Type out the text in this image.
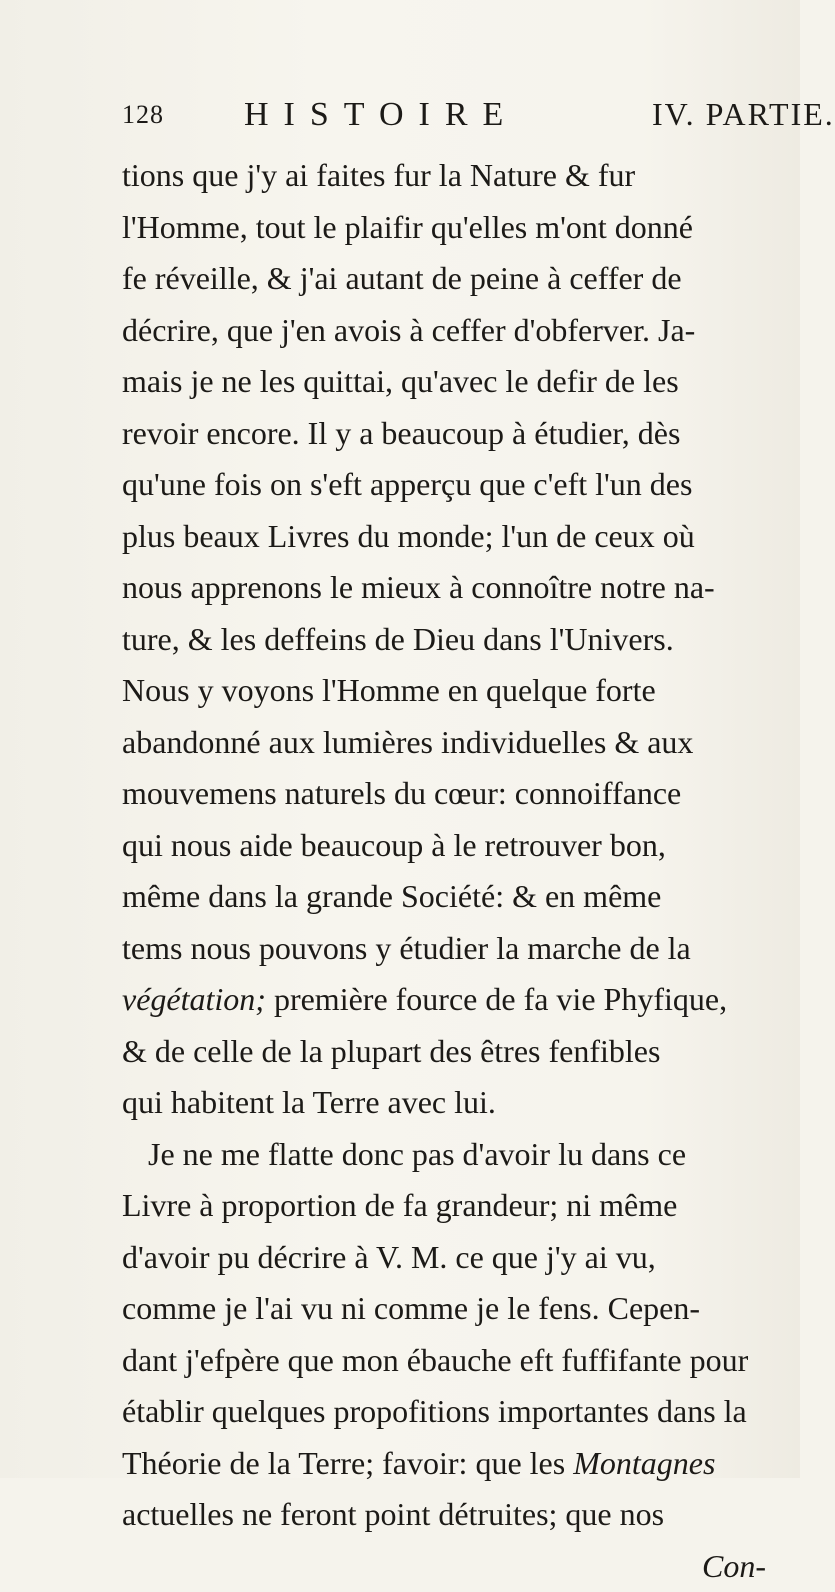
128 HISTOIRE	IV. PARTIE.
tions que j'y ai faites fur la Nature & fur
l'Homme, tout le plaifir qu'elles m'ont donné
fe réveille, & j'ai autant de peine à ceffer de
décrire, que j'en avois à ceffer d'obferver. Ja-
mais je ne les quittai, qu'avec le defir de les
revoir encore. Il y a beaucoup à étudier, dès
qu'une fois on s'eft apperçu que c'eft l'un des
plus beaux Livres du monde; l'un de ceux où
nous apprenons le mieux à connoître notre na-
ture, & les deffeins de Dieu dans l'Univers.
Nous y voyons l'Homme en quelque forte
abandonné aux lumières individuelles & aux
mouvemens naturels du cœur: connoiffance
qui nous aide beaucoup à le retrouver bon,
même dans la grande Société: & en même
tems nous pouvons y étudier la marche de la
végétation; première fource de fa vie Phyfique,
& de celle de la plupart des êtres fenfibles
qui habitent la Terre avec lui.
Je ne me flatte donc pas d'avoir lu dans ce
Livre à proportion de fa grandeur; ni même
d'avoir pu décrire à V. M. ce que j'y ai vu,
comme je l'ai vu ni comme je le fens. Cepen-
dant j'efpère que mon ébauche eft fuffifante pour
établir quelques propofitions importantes dans la
Théorie de la Terre; favoir: que les Montagnes
actuelles ne feront point détruites; que nos
Con-
